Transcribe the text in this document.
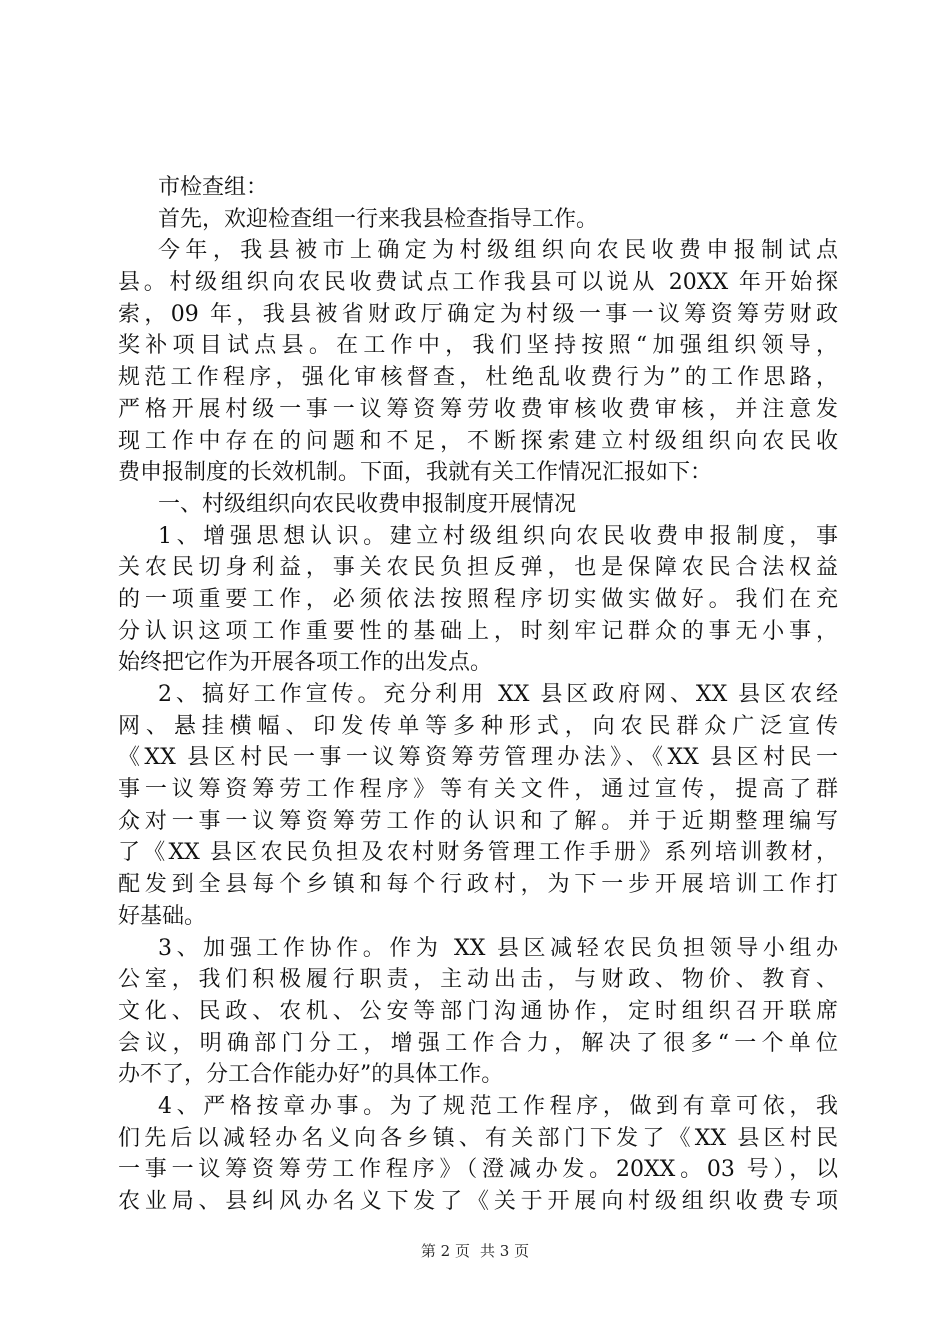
市检查组：
首先，欢迎检查组一行来我县检查指导工作。
今年，我县被市上确定为村级组织向农民收费申报制试点
县。村级组织向农民收费试点工作我县可以说从 20XX 年开始探
索，09 年，我县被省财政厅确定为村级一事一议筹资筹劳财政
奖补项目试点县。在工作中，我们坚持按照“加强组织领导，
规范工作程序，强化审核督查，杜绝乱收费行为”的工作思路，
严格开展村级一事一议筹资筹劳收费审核收费审核，并注意发
现工作中存在的问题和不足，不断探索建立村级组织向农民收
费申报制度的长效机制。下面，我就有关工作情况汇报如下：
一、村级组织向农民收费申报制度开展情况
1、增强思想认识。建立村级组织向农民收费申报制度，事
关农民切身利益，事关农民负担反弹，也是保障农民合法权益
的一项重要工作，必须依法按照程序切实做实做好。我们在充
分认识这项工作重要性的基础上，时刻牢记群众的事无小事，
始终把它作为开展各项工作的出发点。
2、搞好工作宣传。充分利用 XX 县区政府网、XX 县区农经
网、悬挂横幅、印发传单等多种形式，向农民群众广泛宣传
《XX 县区村民一事一议筹资筹劳管理办法》、《XX 县区村民一
事一议筹资筹劳工作程序》等有关文件，通过宣传，提高了群
众对一事一议筹资筹劳工作的认识和了解。并于近期整理编写
了《XX 县区农民负担及农村财务管理工作手册》系列培训教材，
配发到全县每个乡镇和每个行政村，为下一步开展培训工作打
好基础。
3、加强工作协作。作为 XX 县区减轻农民负担领导小组办
公室，我们积极履行职责，主动出击，与财政、物价、教育、
文化、民政、农机、公安等部门沟通协作，定时组织召开联席
会议，明确部门分工，增强工作合力，解决了很多“一个单位
办不了，分工合作能办好”的具体工作。
4、严格按章办事。为了规范工作程序，做到有章可依，我
们先后以减轻办名义向各乡镇、有关部门下发了《XX 县区村民
一事一议筹资筹劳工作程序》（澄减办发。20XX。03 号），以
农业局、县纠风办名义下发了《关于开展向村级组织收费专项
第 2 页 共 3 页
